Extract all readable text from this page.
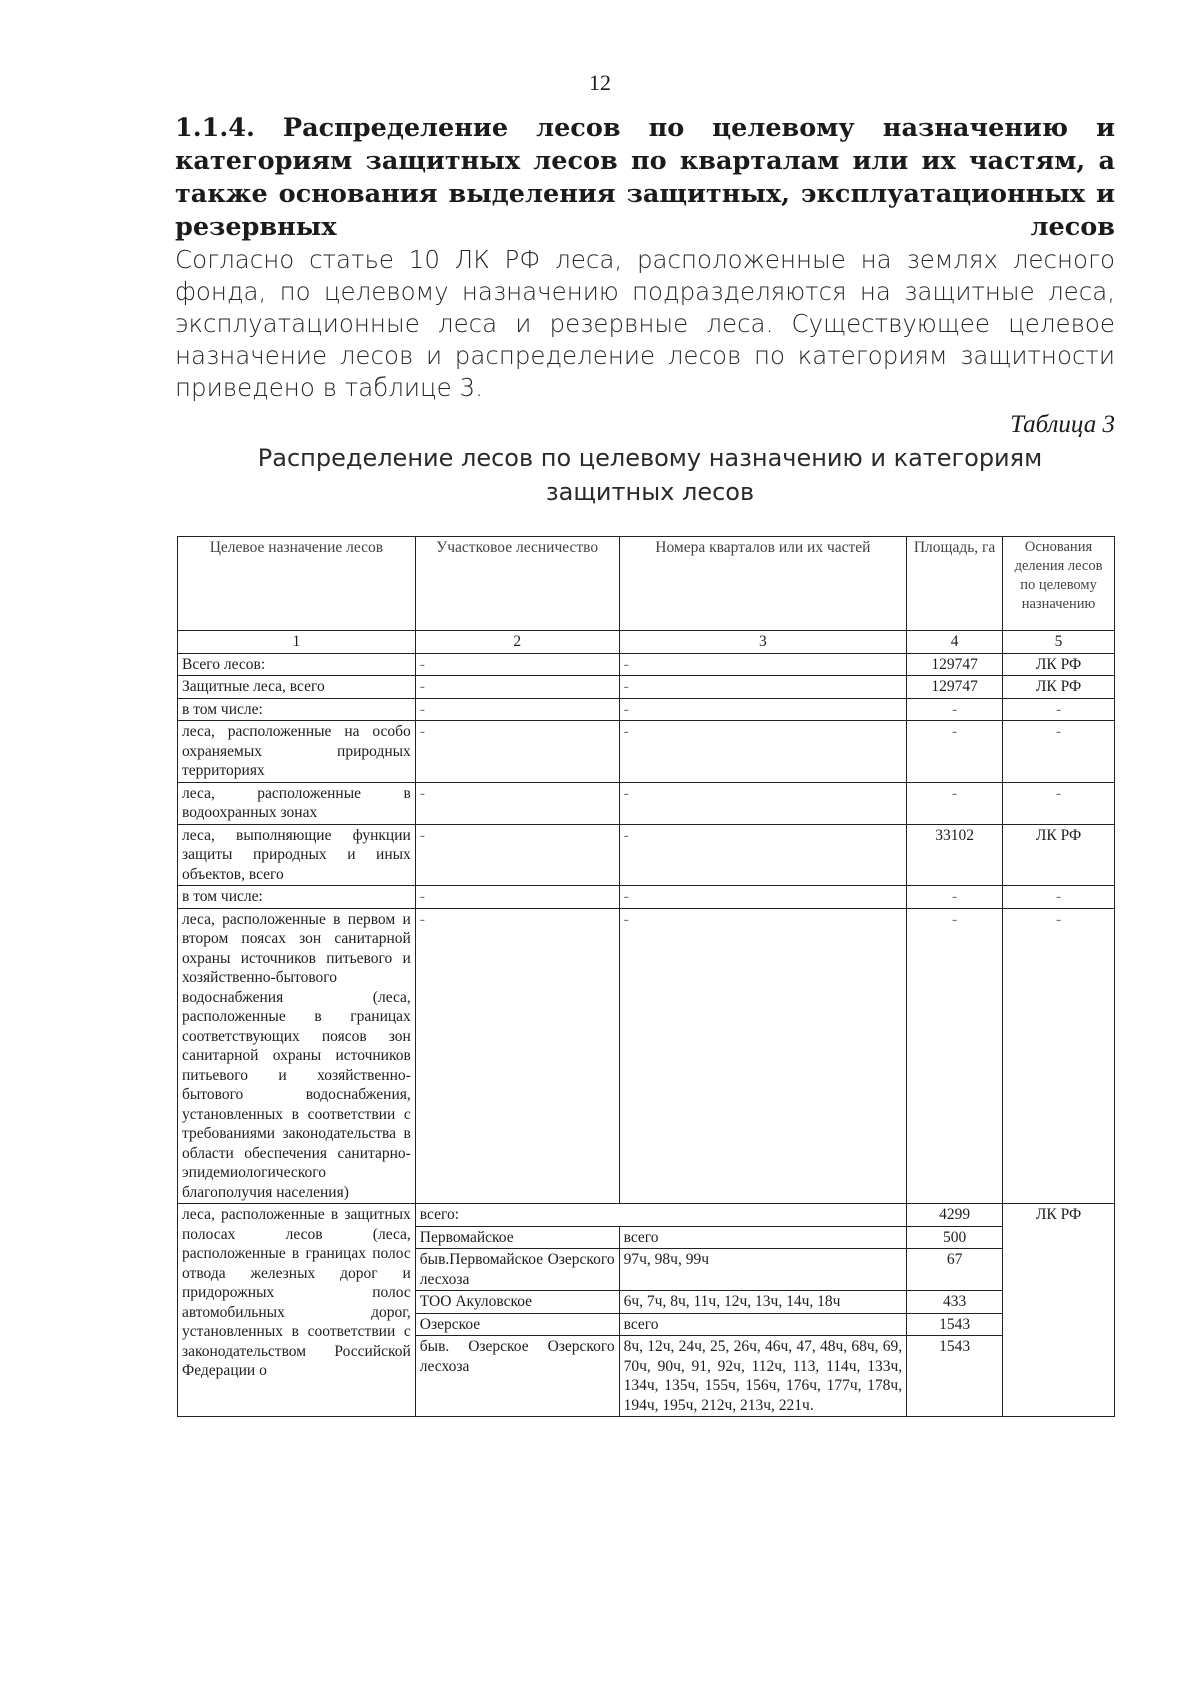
12

1.1.4. Распределение лесов по целевому назначению и категориям защитных лесов по кварталам или их частям, а также основания выделения защитных, эксплуатационных и резервных лесов

Согласно статье 10 ЛК РФ леса, расположенные на землях лесного фонда, по целевому назначению подразделяются на защитные леса, эксплуатационные леса и резервные леса. Существующее целевое назначение лесов и распределение лесов по категориям защитности приведено в таблице 3.

Таблица 3
Распределение лесов по целевому назначению и категориям защитных лесов
Целевое назначение лесов	Участковое лесничество	Номера кварталов или их частей	Площадь, га	Основания деления лесов по целевому назначению
1	2	3	4	5
Всего лесов:	-	-	129747	ЛК РФ
Защитные леса, всего	-	-	129747	ЛК РФ
в том числе:	-	-	-	-
леса, расположенные на особо охраняемых природных территориях	-	-	-	-
леса, расположенные в водоохранных зонах	-	-	-	-
леса, выполняющие функции защиты природных и иных объектов, всего	-	-	33102	ЛК РФ
в том числе:	-	-	-	-
леса, расположенные в первом и втором поясах зон санитарной охраны источников питьевого и хозяйственно-бытового водоснабжения (леса, расположенные в границах соответствующих поясов зон санитарной охраны источников питьевого и хозяйственно-бытового водоснабжения, установленных в соответствии с требованиями законодательства в области обеспечения санитарно-эпидемиологического благополучия населения)	-	-	-	-
леса, расположенные в защитных полосах лесов (леса, расположенные в границах полос отвода железных дорог и придорожных полос автомобильных дорог, установленных в соответствии с законодательством Российской Федерации о	всего:		4299	ЛК РФ
	Первомайское	всего	500	
	быв.Первомайское Озерского лесхоза	97ч, 98ч, 99ч	67	
	ТОО Акуловское	6ч, 7ч, 8ч, 11ч, 12ч, 13ч, 14ч, 18ч	433	
	Озерское	всего	1543	
	быв. Озерское Озерского лесхоза	8ч, 12ч, 24ч, 25, 26ч, 46ч, 47, 48ч, 68ч, 69, 70ч, 90ч, 91, 92ч, 112ч, 113, 114ч, 133ч, 134ч, 135ч, 155ч, 156ч, 176ч, 177ч, 178ч, 194ч, 195ч, 212ч, 213ч, 221ч.	1543	
